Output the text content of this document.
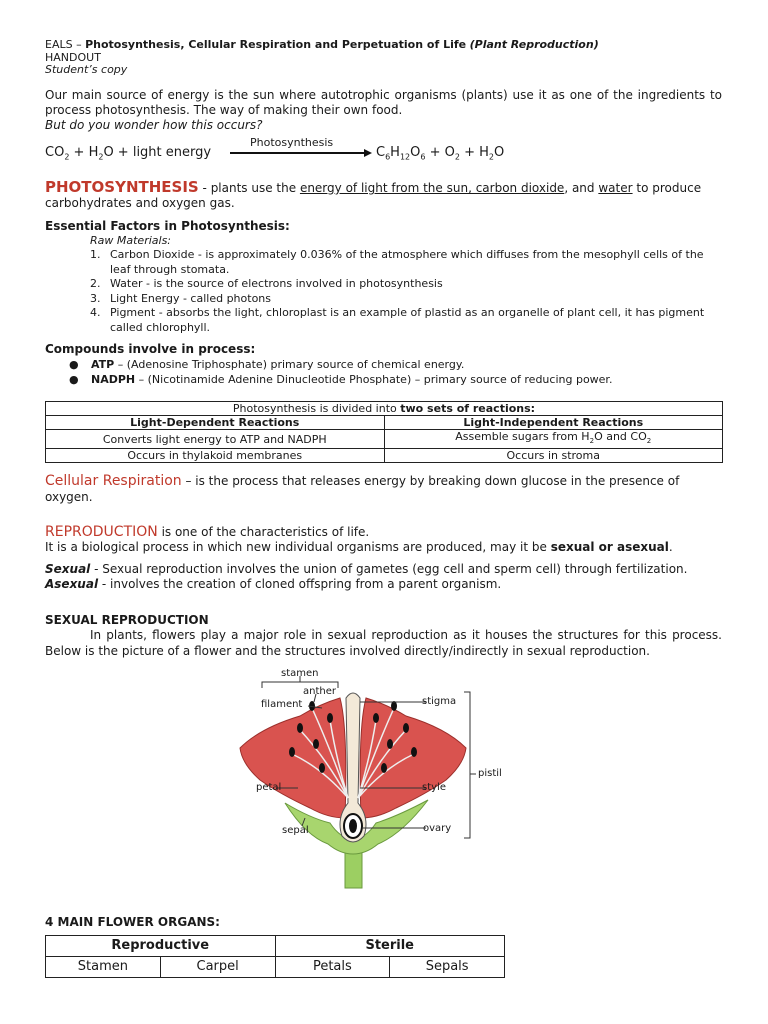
EALS – Photosynthesis, Cellular Respiration and Perpetuation of Life (Plant Reproduction)
HANDOUT
Student’s copy
Our main source of energy is the sun where autotrophic organisms (plants) use it as one of the ingredients to process photosynthesis. The way of making their own food.
But do you wonder how this occurs?
$CO_2 + H_2O$ + light energy
Photosynthesis
$C_6H_{12}O_6 + O_2 + H_2O$
PHOTOSYNTHESIS - plants use the energy of light from the sun, carbon dioxide, and water to produce carbohydrates and oxygen gas.
Essential Factors in Photosynthesis:
Raw Materials:
1. Carbon Dioxide - is approximately 0.036% of the atmosphere which diffuses from the mesophyll cells of the leaf through stomata.
2. Water - is the source of electrons involved in photosynthesis
3. Light Energy - called photons
4. Pigment - absorbs the light, chloroplast is an example of plastid as an organelle of plant cell, it has pigment called chlorophyll.
Compounds involve in process:
● ATP – (Adenosine Triphosphate) primary source of chemical energy.
● NADPH – (Nicotinamide Adenine Dinucleotide Phosphate) – primary source of reducing power.
Photosynthesis is divided into two sets of reactions:	
Light-Dependent Reactions	Light-Independent Reactions
Converts light energy to ATP and NADPH	Assemble sugars from $H_2O$ and $CO_2$
Occurs in thylakoid membranes	Occurs in stroma
Cellular Respiration – is the process that releases energy by breaking down glucose in the presence of oxygen.
REPRODUCTION is one of the characteristics of life.
It is a biological process in which new individual organisms are produced, may it be sexual or asexual.
Sexual - Sexual reproduction involves the union of gametes (egg cell and sperm cell) through fertilization.
Asexual - involves the creation of cloned offspring from a parent organism.
SEXUAL REPRODUCTION
In plants, flowers play a major role in sexual reproduction as it houses the structures for this process. Below is the picture of a flower and the structures involved directly/indirectly in sexual reproduction.
stamen
anther
filament	stigma
pistil
petal	style
sepal	ovary
4 MAIN FLOWER ORGANS:
Reproductive		Sterile	
Stamen	Carpel	Petals	Sepals
